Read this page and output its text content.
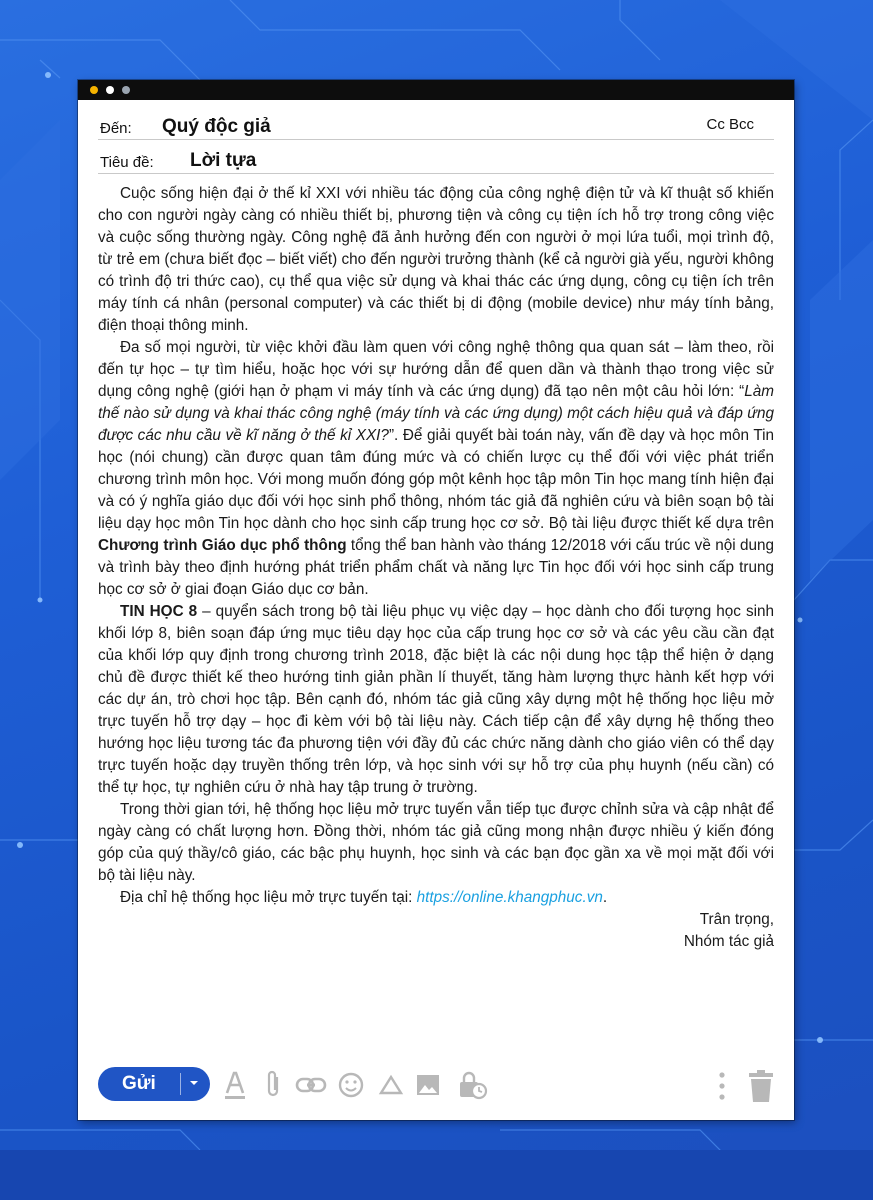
Đến: Quý độc giả	Cc Bcc
Tiêu đề: Lời tựa

Cuộc sống hiện đại ở thế kỉ XXI với nhiều tác động của công nghệ điện tử và kĩ thuật số khiến cho con người ngày càng có nhiều thiết bị, phương tiện và công cụ tiện ích hỗ trợ trong công việc và cuộc sống thường ngày. Công nghệ đã ảnh hưởng đến con người ở mọi lứa tuổi, mọi trình độ, từ trẻ em (chưa biết đọc – biết viết) cho đến người trưởng thành (kể cả người già yếu, người không có trình độ tri thức cao), cụ thể qua việc sử dụng và khai thác các ứng dụng, công cụ tiện ích trên máy tính cá nhân (personal computer) và các thiết bị di động (mobile device) như máy tính bảng, điện thoại thông minh.

Đa số mọi người, từ việc khởi đầu làm quen với công nghệ thông qua quan sát – làm theo, rồi đến tự học – tự tìm hiểu, hoặc học với sự hướng dẫn để quen dần và thành thạo trong việc sử dụng công nghệ (giới hạn ở phạm vi máy tính và các ứng dụng) đã tạo nên một câu hỏi lớn: “Làm thế nào sử dụng và khai thác công nghệ (máy tính và các ứng dụng) một cách hiệu quả và đáp ứng được các nhu cầu về kĩ năng ở thế kỉ XXI?”. Để giải quyết bài toán này, vấn đề dạy và học môn Tin học (nói chung) cần được quan tâm đúng mức và có chiến lược cụ thể đối với việc phát triển chương trình môn học. Với mong muốn đóng góp một kênh học tập môn Tin học mang tính hiện đại và có ý nghĩa giáo dục đối với học sinh phổ thông, nhóm tác giả đã nghiên cứu và biên soạn bộ tài liệu dạy học môn Tin học dành cho học sinh cấp trung học cơ sở. Bộ tài liệu được thiết kế dựa trên Chương trình Giáo dục phổ thông tổng thể ban hành vào tháng 12/2018 với cấu trúc về nội dung và trình bày theo định hướng phát triển phẩm chất và năng lực Tin học đối với học sinh cấp trung học cơ sở ở giai đoạn Giáo dục cơ bản.

TIN HỌC 8 – quyển sách trong bộ tài liệu phục vụ việc dạy – học dành cho đối tượng học sinh khối lớp 8, biên soạn đáp ứng mục tiêu dạy học của cấp trung học cơ sở và các yêu cầu cần đạt của khối lớp quy định trong chương trình 2018, đặc biệt là các nội dung học tập thể hiện ở dạng chủ đề được thiết kế theo hướng tinh giản phần lí thuyết, tăng hàm lượng thực hành kết hợp với các dự án, trò chơi học tập. Bên cạnh đó, nhóm tác giả cũng xây dựng một hệ thống học liệu mở trực tuyến hỗ trợ dạy – học đi kèm với bộ tài liệu này. Cách tiếp cận để xây dựng hệ thống theo hướng học liệu tương tác đa phương tiện với đầy đủ các chức năng dành cho giáo viên có thể dạy trực tuyến hoặc dạy truyền thống trên lớp, và học sinh với sự hỗ trợ của phụ huynh (nếu cần) có thể tự học, tự nghiên cứu ở nhà hay tập trung ở trường.

Trong thời gian tới, hệ thống học liệu mở trực tuyến vẫn tiếp tục được chỉnh sửa và cập nhật để ngày càng có chất lượng hơn. Đồng thời, nhóm tác giả cũng mong nhận được nhiều ý kiến đóng góp của quý thầy/cô giáo, các bậc phụ huynh, học sinh và các bạn đọc gần xa về mọi mặt đối với bộ tài liệu này.

Địa chỉ hệ thống học liệu mở trực tuyến tại: https://online.khangphuc.vn.

Trân trọng,

Nhóm tác giả

Gửi
